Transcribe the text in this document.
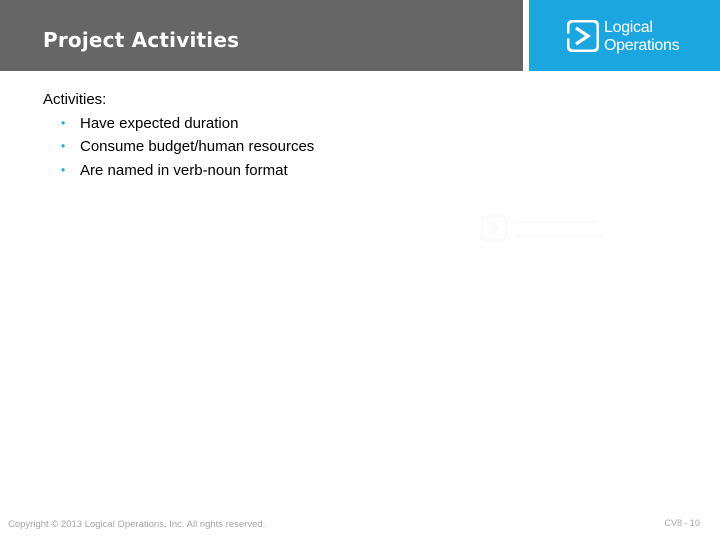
Project Activities
Logical
Operations
Activities:
• Have expected duration
• Consume budget/human resources
• Are named in verb-noun format
Copyright © 2013 Logical Operations, Inc. All rights reserved.	CV8 - 10
